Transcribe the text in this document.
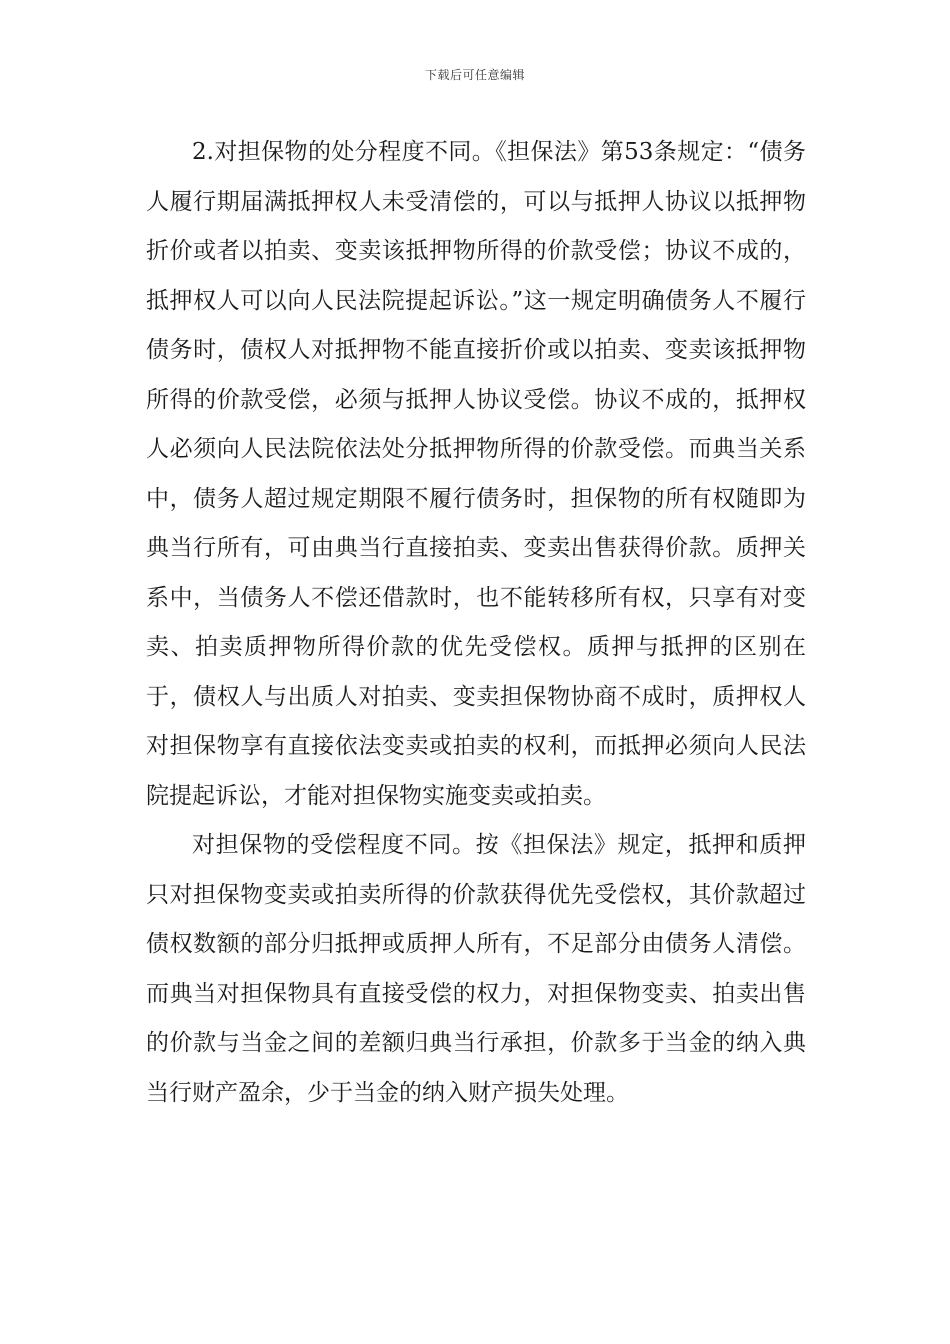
下载后可任意编辑

2.对担保物的处分程度不同。《担保法》第53条规定：“债务人履行期届满抵押权人未受清偿的，可以与抵押人协议以抵押物折价或者以拍卖、变卖该抵押物所得的价款受偿；协议不成的，抵押权人可以向人民法院提起诉讼。”这一规定明确债务人不履行债务时，债权人对抵押物不能直接折价或以拍卖、变卖该抵押物所得的价款受偿，必须与抵押人协议受偿。协议不成的，抵押权人必须向人民法院依法处分抵押物所得的价款受偿。而典当关系中，债务人超过规定期限不履行债务时，担保物的所有权随即为典当行所有，可由典当行直接拍卖、变卖出售获得价款。质押关系中，当债务人不偿还借款时，也不能转移所有权，只享有对变卖、拍卖质押物所得价款的优先受偿权。质押与抵押的区别在于，债权人与出质人对拍卖、变卖担保物协商不成时，质押权人对担保物享有直接依法变卖或拍卖的权利，而抵押必须向人民法院提起诉讼，才能对担保物实施变卖或拍卖。

对担保物的受偿程度不同。按《担保法》规定，抵押和质押只对担保物变卖或拍卖所得的价款获得优先受偿权，其价款超过债权数额的部分归抵押或质押人所有，不足部分由债务人清偿。而典当对担保物具有直接受偿的权力，对担保物变卖、拍卖出售的价款与当金之间的差额归典当行承担，价款多于当金的纳入典当行财产盈余，少于当金的纳入财产损失处理。
